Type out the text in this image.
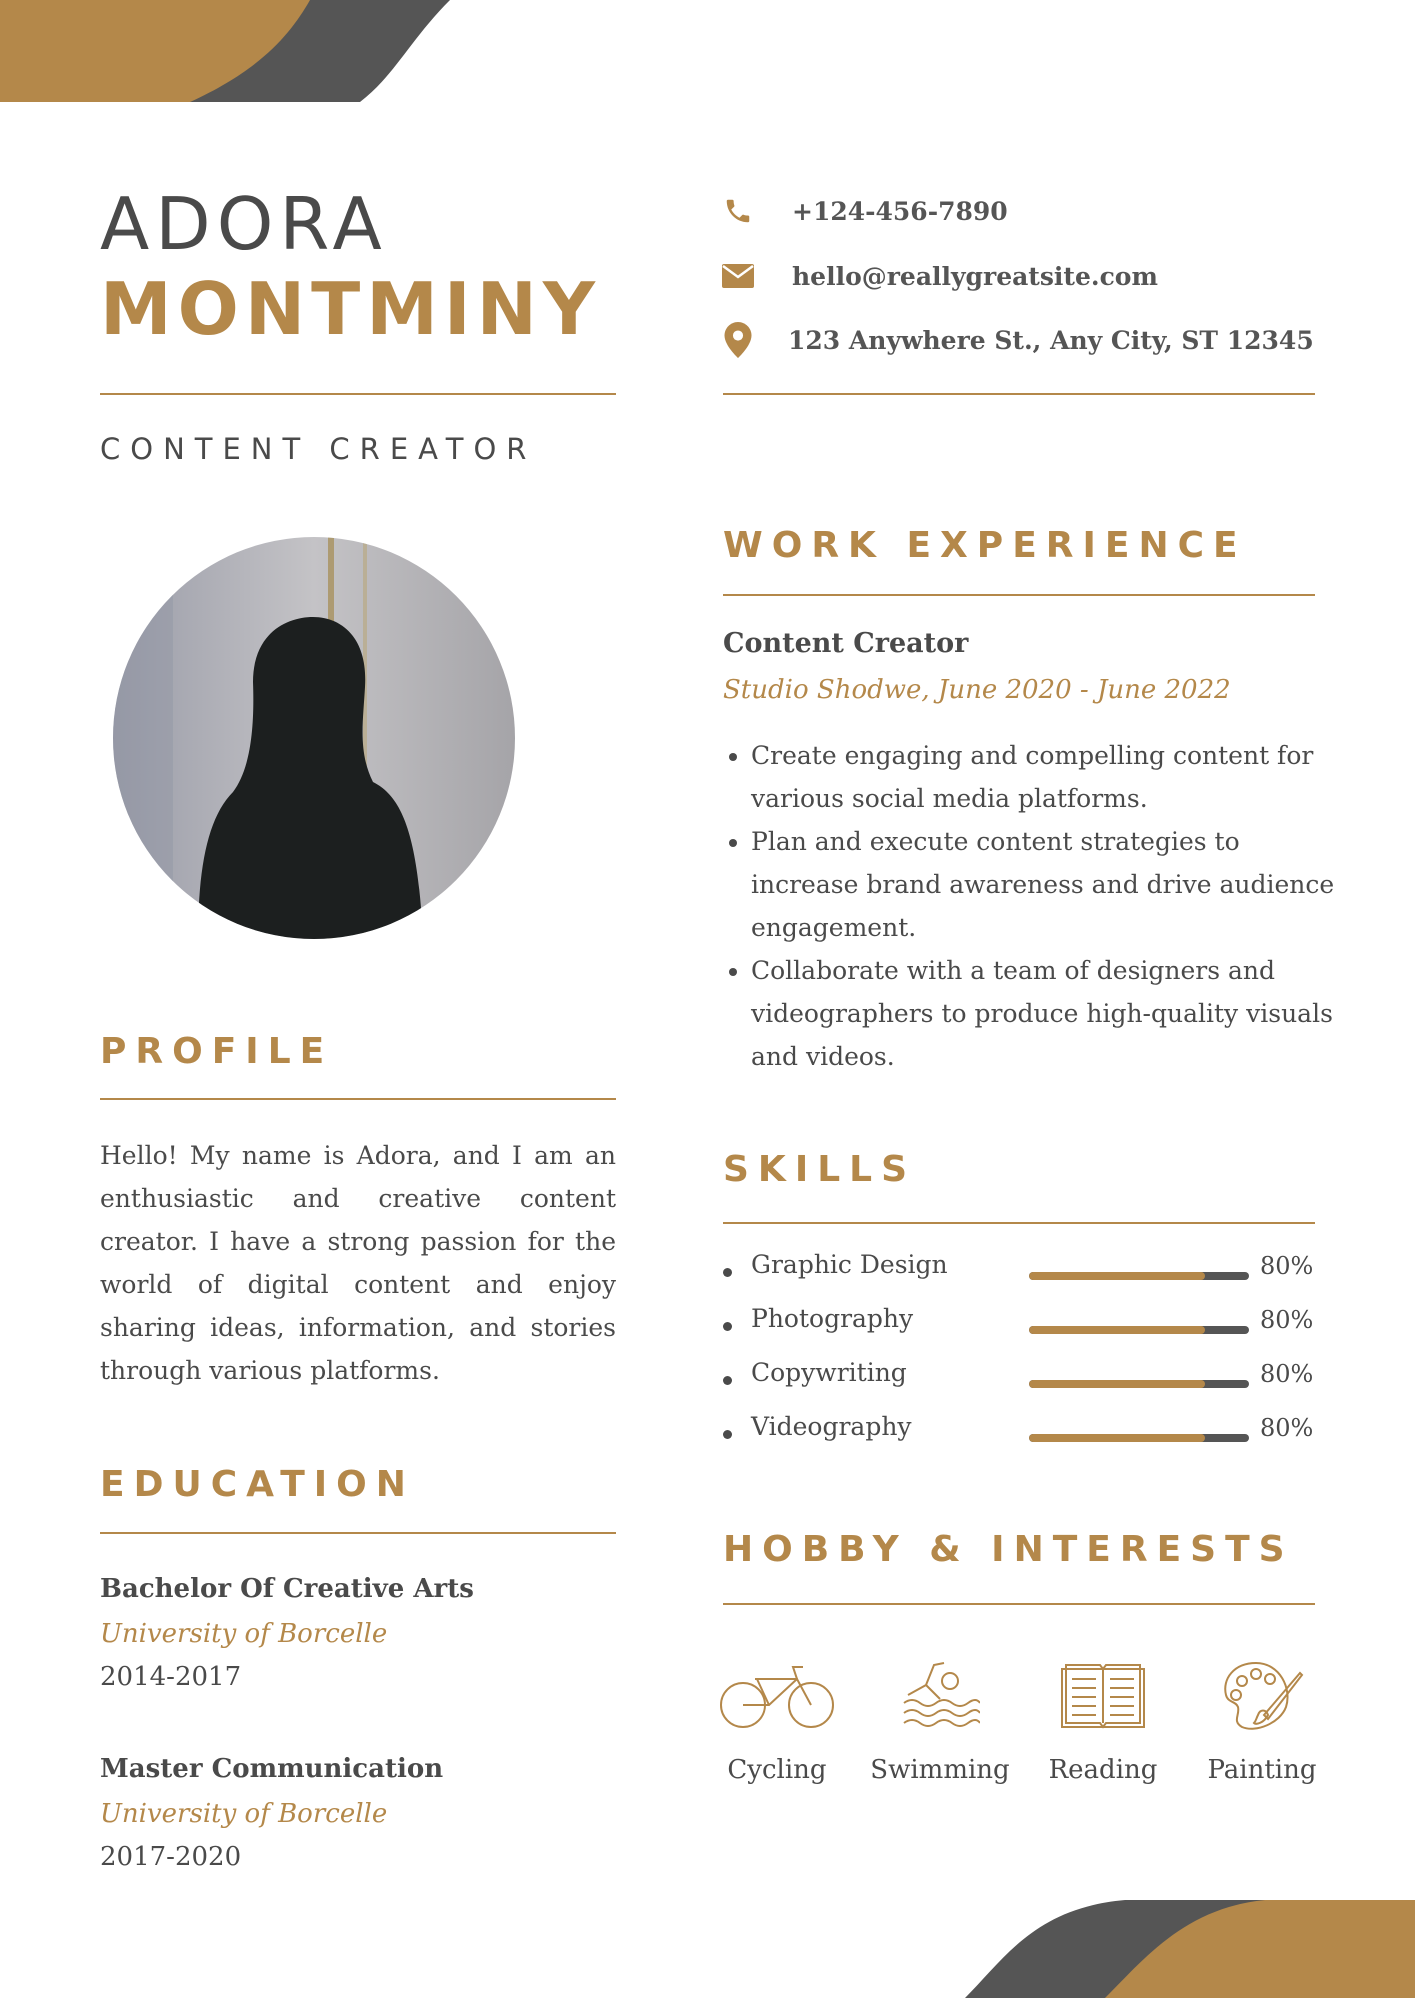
ADORA
MONTMINY
CONTENT CREATOR
+124-456-7890
hello@reallygreatsite.com
123 Anywhere St., Any City, ST 12345
PROFILE
Hello! My name is Adora, and I am an enthusiastic and creative content creator. I have a strong passion for the world of digital content and enjoy sharing ideas, information, and stories through various platforms.
EDUCATION
Bachelor Of Creative Arts
University of Borcelle
2014-2017
Master Communication
University of Borcelle
2017-2020
WORK EXPERIENCE
Content Creator
Studio Shodwe, June 2020 - June 2022
• Create engaging and compelling content for various social media platforms.
• Plan and execute content strategies to increase brand awareness and drive audience engagement.
• Collaborate with a team of designers and videographers to produce high-quality visuals and videos.
SKILLS
Graphic Design	80%
Photography	80%
Copywriting	80%
Videography	80%
HOBBY & INTERESTS
Cycling	Swimming	Reading	Painting
